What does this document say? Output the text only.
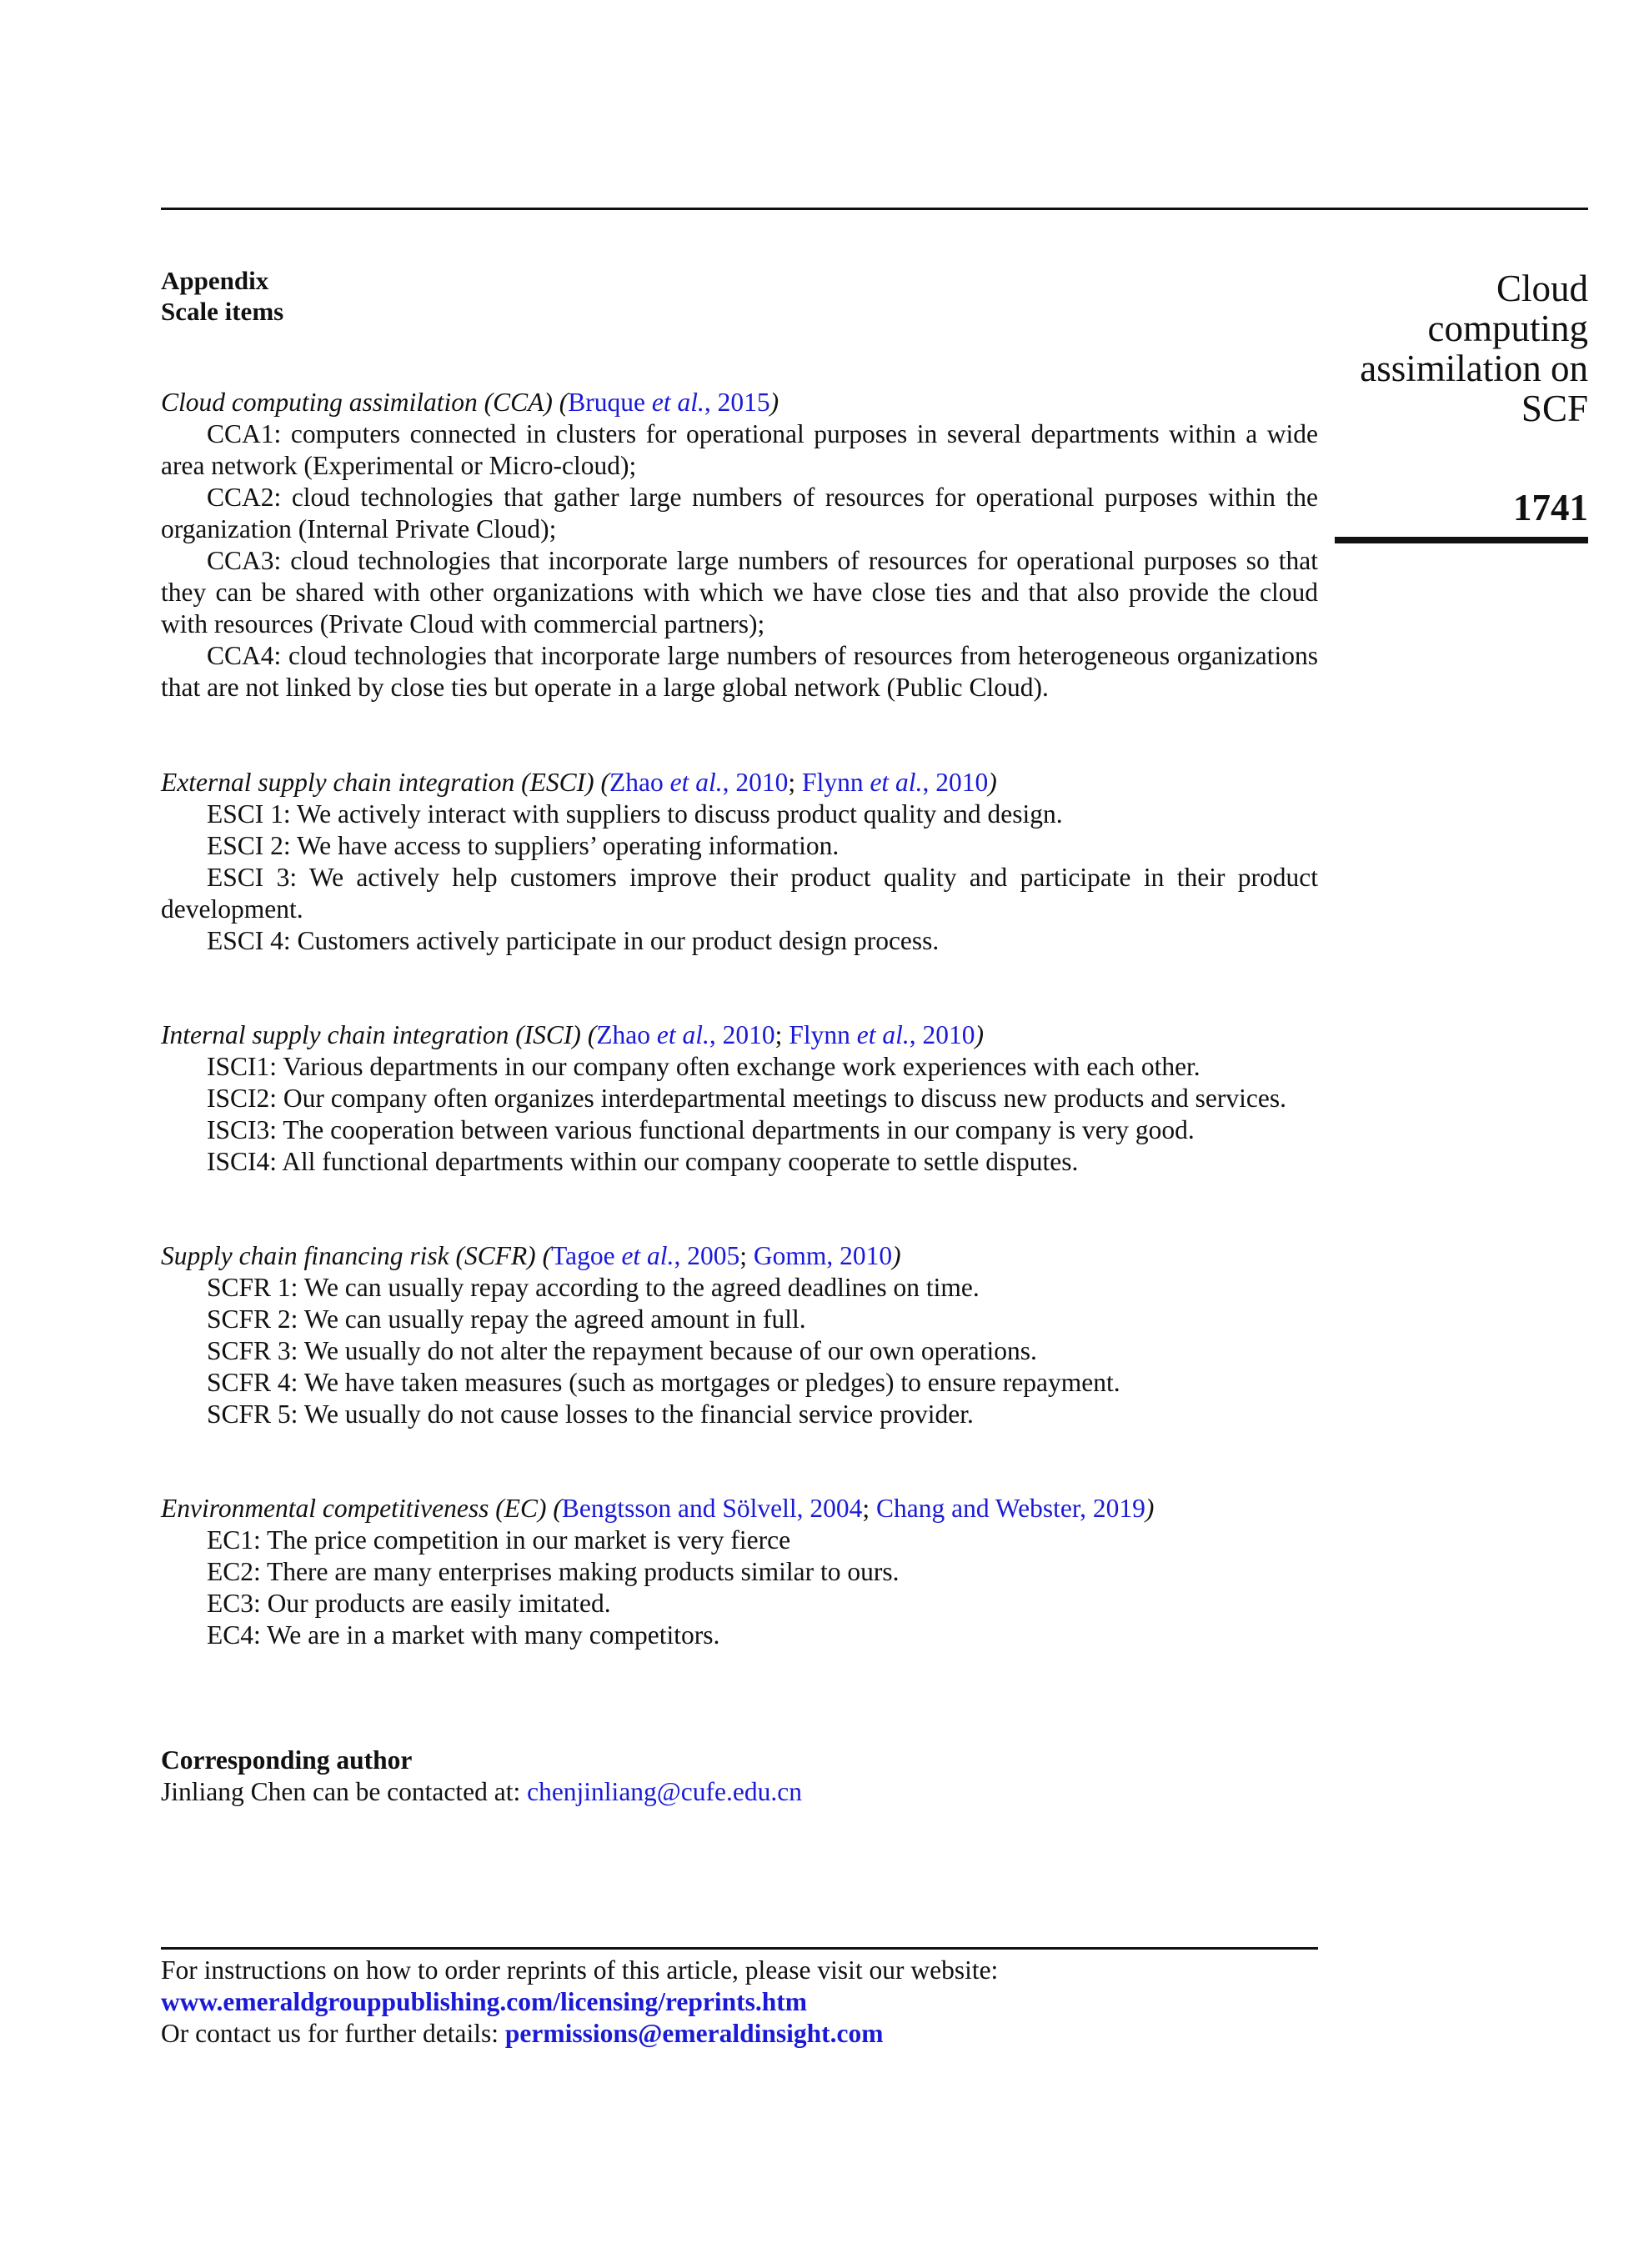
Cloud
computing
assimilation on
SCF
1741
Appendix
Scale items
Cloud computing assimilation (CCA) (Bruque et al., 2015)
CCA1: computers connected in clusters for operational purposes in several departments within a wide area network (Experimental or Micro-cloud);
CCA2: cloud technologies that gather large numbers of resources for operational purposes within the organization (Internal Private Cloud);
CCA3: cloud technologies that incorporate large numbers of resources for operational purposes so that they can be shared with other organizations with which we have close ties and that also provide the cloud with resources (Private Cloud with commercial partners);
CCA4: cloud technologies that incorporate large numbers of resources from heterogeneous organizations that are not linked by close ties but operate in a large global network (Public Cloud).
External supply chain integration (ESCI) (Zhao et al., 2010; Flynn et al., 2010)
ESCI 1: We actively interact with suppliers to discuss product quality and design.
ESCI 2: We have access to suppliers’ operating information.
ESCI 3: We actively help customers improve their product quality and participate in their product development.
ESCI 4: Customers actively participate in our product design process.
Internal supply chain integration (ISCI) (Zhao et al., 2010; Flynn et al., 2010)
ISCI1: Various departments in our company often exchange work experiences with each other.
ISCI2: Our company often organizes interdepartmental meetings to discuss new products and services.
ISCI3: The cooperation between various functional departments in our company is very good.
ISCI4: All functional departments within our company cooperate to settle disputes.
Supply chain financing risk (SCFR) (Tagoe et al., 2005; Gomm, 2010)
SCFR 1: We can usually repay according to the agreed deadlines on time.
SCFR 2: We can usually repay the agreed amount in full.
SCFR 3: We usually do not alter the repayment because of our own operations.
SCFR 4: We have taken measures (such as mortgages or pledges) to ensure repayment.
SCFR 5: We usually do not cause losses to the financial service provider.
Environmental competitiveness (EC) (Bengtsson and Sölvell, 2004; Chang and Webster, 2019)
EC1: The price competition in our market is very fierce
EC2: There are many enterprises making products similar to ours.
EC3: Our products are easily imitated.
EC4: We are in a market with many competitors.
Corresponding author
Jinliang Chen can be contacted at: chenjinliang@cufe.edu.cn
For instructions on how to order reprints of this article, please visit our website:
www.emeraldgrouppublishing.com/licensing/reprints.htm
Or contact us for further details: permissions@emeraldinsight.com
